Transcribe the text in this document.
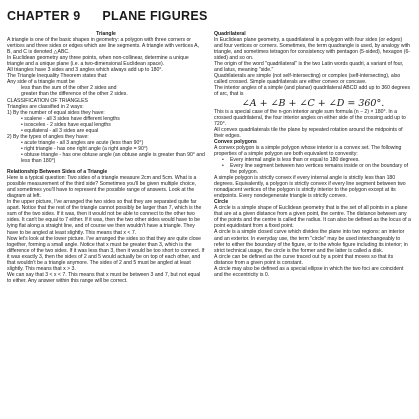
CHAPTER 9 PLANE FIGURES

Triangle

A triangle is one of the basic shapes in geometry: a polygon with three corners or vertices and three sides or edges which are line segments. A triangle with vertices A, B, and C is denoted △ABC.

In Euclidean geometry any three points, when non-collinear, determine a unique triangle and a unique plane (i.e. a two-dimensional Euclidean space).

All triangles have 3 sides and 3 angles which always add up to 180°.

The Triangle Inequality Theorem states that:

Any side of a triangle must be

less than the sum of the other 2 sides and

greater than the difference of the other 2 sides.

CLASSIFICATION OF TRIANGLES

Triangles are classified in 2 ways:

1) By the number of equal sides they have:

• scalene - all 3 sides have different lengths

• isosceles - 2 sides have equal lengths

• equilateral - all 3 sides are equal

2) By the types of angles they have:

• acute triangle - all 3 angles are acute (less than 90°)

• right triangle - has one right angle (a right angle = 90°)

• obtuse triangle - has one obtuse angle (an obtuse angle is greater than 90° and less than 180°)

Relationship Between Sides of a Triangle

Here is a typical question: Two sides of a triangle measure 2cm and 5cm. What is a possible measurement of the third side? Sometimes you'll be given multiple choice, and sometimes you'll have to represent the possible range of answers. Look at the diagram at left.

In the upper picture, I've arranged the two sides so that they are separated quite far apart. Notice that the rest of the triangle cannot possibly be larger than 7, which is the sum of the two sides. If it was, then it would not be able to connect to the other two sides. It can't be equal to 7 either. If it was, then the two other sides would have to be lying flat along a straight line, and of course we then wouldn't have a triangle. They have to be angled at least slightly. This means that x < 7.

Now let's look at the lower picture. I've arranged the sides so that they are quite close together, forming a small angle. Notice that x must be greater than 3, which is the difference of the two sides. If it was less than 3, then it would be too short to connect. If it was exactly 3, then the sides of 2 and 5 would actually be on top of each other, and that wouldn't be a triangle anymore. The sides of 2 and 5 must be angled at least slightly. This means that x > 3.

We can say that 3 < x < 7. This means that x must be between 3 and 7, but not equal to either. Any answer within this range will be correct.

Quadrilateral

In Euclidean plane geometry, a quadrilateral is a polygon with four sides (or edges) and four vertices or corners. Sometimes, the term quadrangle is used, by analogy with triangle, and sometimes tetragon for consistency with pentagon (5-sided), hexagon (6-sided) and so on.

The origin of the word "quadrilateral" is the two Latin words quadri, a variant of four, and latus, meaning "side."

Quadrilaterals are simple (not self-intersecting) or complex (self-intersecting), also called crossed. Simple quadrilaterals are either convex or concave.

The interior angles of a simple (and planar) quadrilateral ABCD add up to 360 degrees of arc, that is

∠A + ∠B + ∠C + ∠D = 360°.

This is a special case of the n-gon interior angle sum formula (n − 2) × 180°. In a crossed quadrilateral, the four interior angles on either side of the crossing add up to 720°.

All convex quadrilaterals tile the plane by repeated rotation around the midpoints of their edges.

Convex polygons

A convex polygon is a simple polygon whose interior is a convex set. The following properties of a simple polygon are both equivalent to convexity:

• Every internal angle is less than or equal to 180 degrees.
• Every line segment between two vertices remains inside or on the boundary of the polygon.

A simple polygon is strictly convex if every internal angle is strictly less than 180 degrees. Equivalently, a polygon is strictly convex if every line segment between two nonadjacent vertices of the polygon is strictly interior to the polygon except at its endpoints. Every nondegenerate triangle is strictly convex.

Circle

A circle is a simple shape of Euclidean geometry that is the set of all points in a plane that are at a given distance from a given point, the centre. The distance between any of the points and the centre is called the radius. It can also be defined as the locus of a point equidistant from a fixed point.

A circle is a simple closed curve which divides the plane into two regions: an interior and an exterior. In everyday use, the term "circle" may be used interchangeably to refer to either the boundary of the figure, or to the whole figure including its interior; in strict technical usage, the circle is the former and the latter is called a disk.

A circle can be defined as the curve traced out by a point that moves so that its distance from a given point is constant.

A circle may also be defined as a special ellipse in which the two foci are coincident and the eccentricity is 0.
